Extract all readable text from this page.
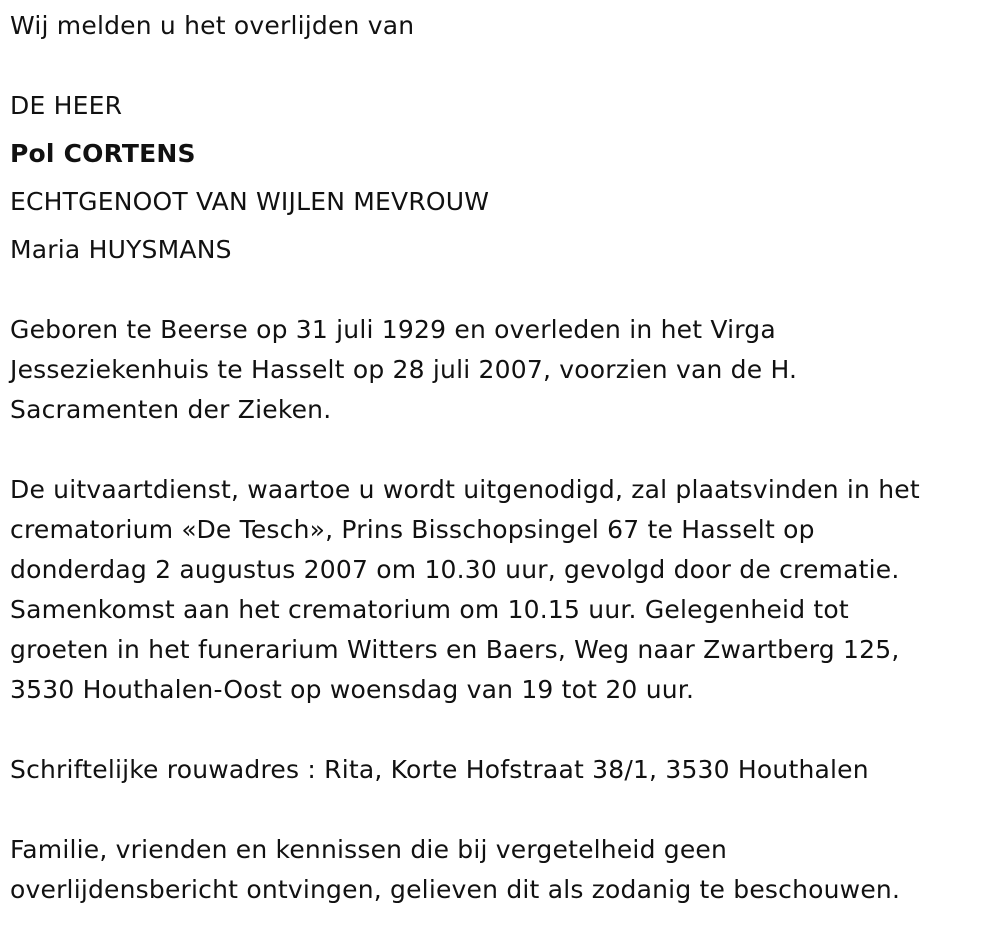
Wij melden u het overlijden van
DE HEER
Pol CORTENS
ECHTGENOOT VAN WIJLEN MEVROUW
Maria HUYSMANS
Geboren te Beerse op 31 juli 1929 en overleden in het Virga
Jesseziekenhuis te Hasselt op 28 juli 2007, voorzien van de H.
Sacramenten der Zieken.
De uitvaartdienst, waartoe u wordt uitgenodigd, zal plaatsvinden in het
crematorium «De Tesch», Prins Bisschopsingel 67 te Hasselt op
donderdag 2 augustus 2007 om 10.30 uur, gevolgd door de crematie.
Samenkomst aan het crematorium om 10.15 uur. Gelegenheid tot
groeten in het funerarium Witters en Baers, Weg naar Zwartberg 125,
3530 Houthalen-Oost op woensdag van 19 tot 20 uur.
Schriftelijke rouwadres : Rita, Korte Hofstraat 38/1, 3530 Houthalen
Familie, vrienden en kennissen die bij vergetelheid geen
overlijdensbericht ontvingen, gelieven dit als zodanig te beschouwen.
